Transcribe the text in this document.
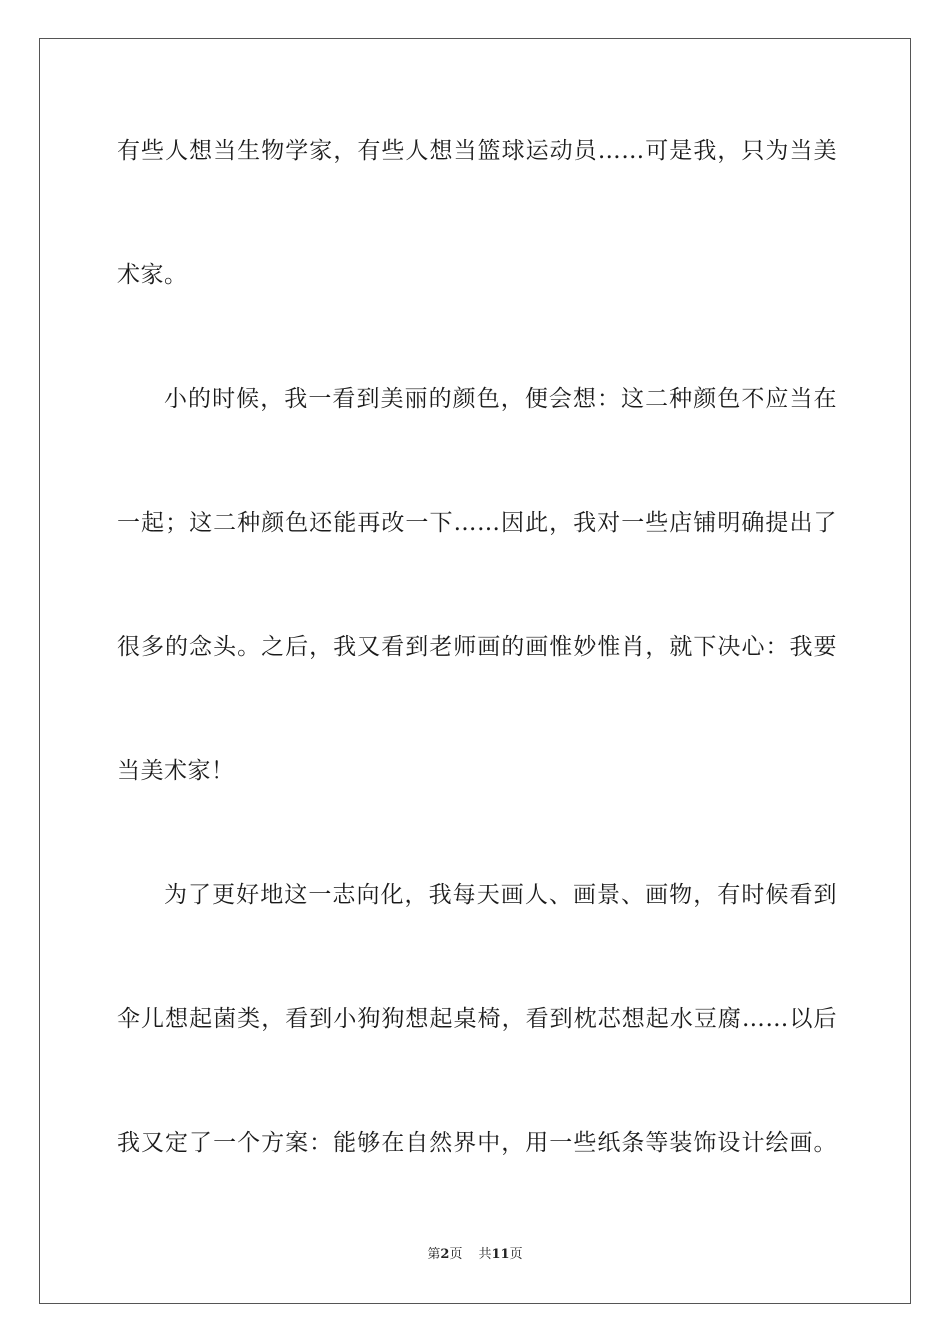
有些人想当生物学家，有些人想当篮球运动员……可是我，只为当美
术家。
小的时候，我一看到美丽的颜色，便会想：这二种颜色不应当在
一起；这二种颜色还能再改一下……因此，我对一些店铺明确提出了
很多的念头。之后，我又看到老师画的画惟妙惟肖，就下决心：我要
当美术家！
为了更好地这一志向化，我每天画人、画景、画物，有时候看到
伞儿想起菌类，看到小狗狗想起桌椅，看到枕芯想起水豆腐……以后
我又定了一个方案：能够在自然界中，用一些纸条等装饰设计绘画。
第2页 共11页
